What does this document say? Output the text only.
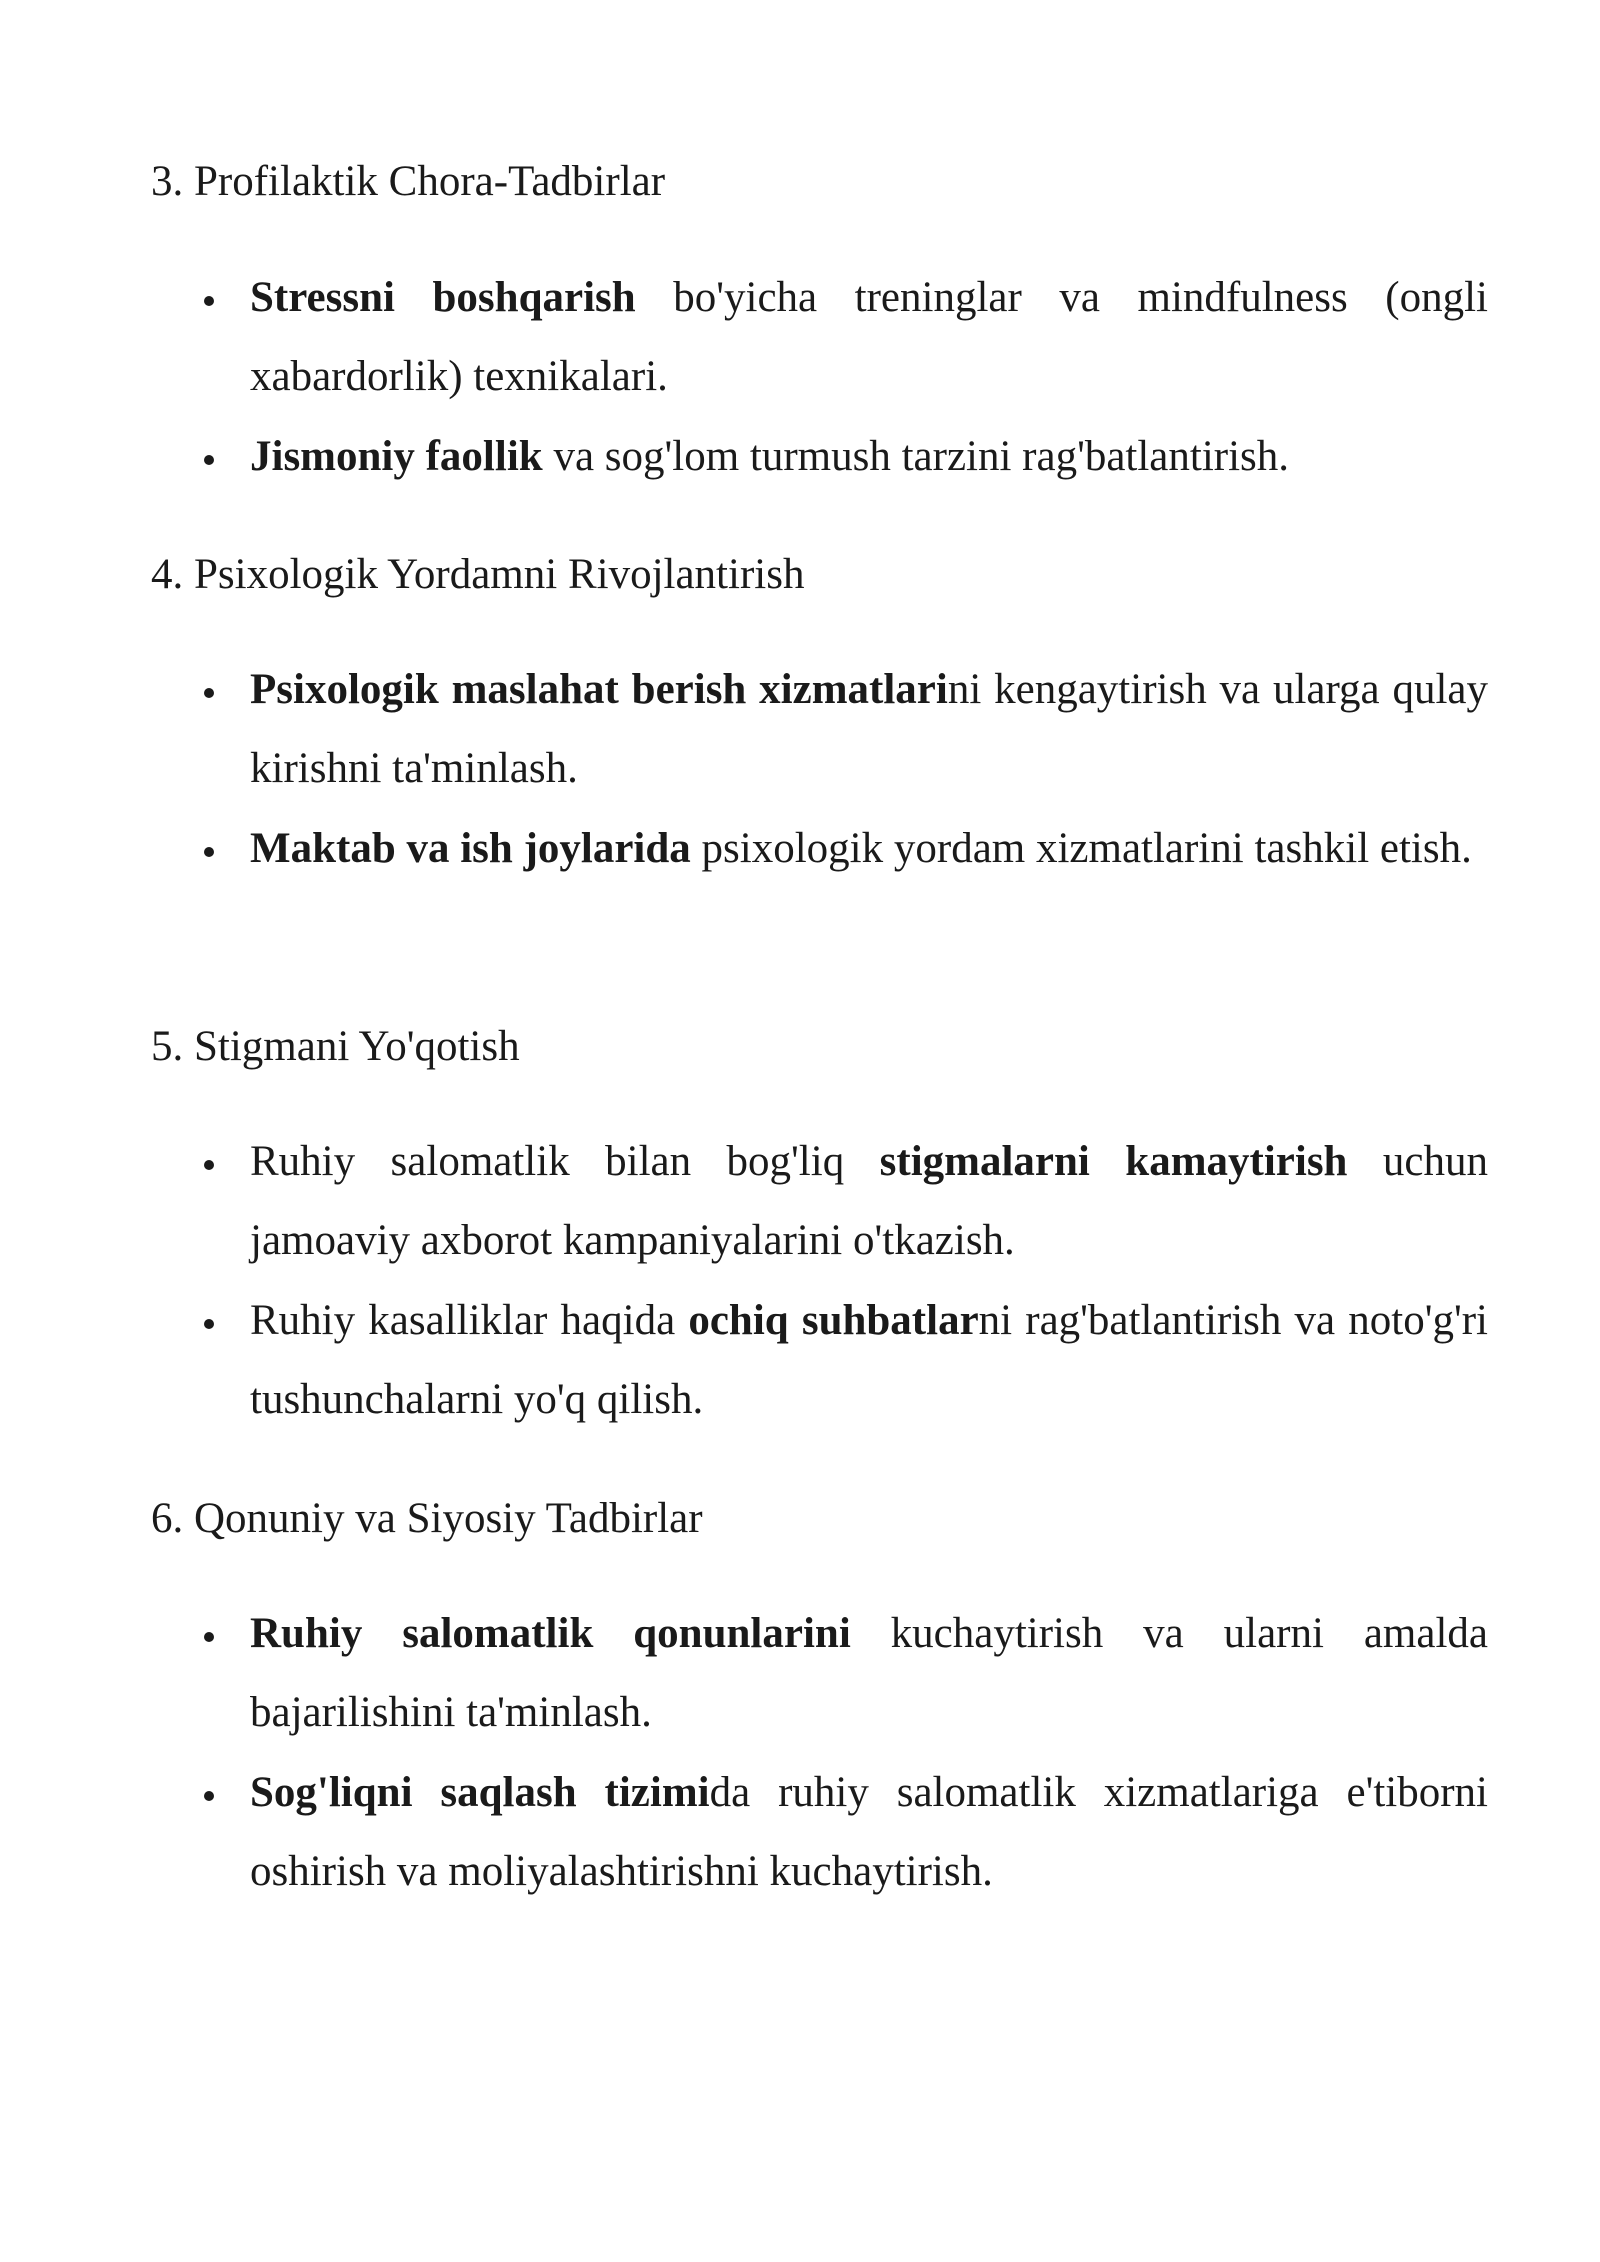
3. Profilaktik Chora-Tadbirlar

Stressni boshqarish bo'yicha treninglar va mindfulness (ongli xabardorlik) texnikalari.

Jismoniy faollik va sog'lom turmush tarzini rag'batlantirish.

4. Psixologik Yordamni Rivojlantirish

Psixologik maslahat berish xizmatlarini kengaytirish va ularga qulay kirishni ta'minlash.

Maktab va ish joylarida psixologik yordam xizmatlarini tashkil etish.

5. Stigmani Yo'qotish

Ruhiy salomatlik bilan bog'liq stigmalarni kamaytirish uchun jamoaviy axborot kampaniyalarini o'tkazish.

Ruhiy kasalliklar haqida ochiq suhbatlarni rag'batlantirish va noto'g'ri tushunchalarni yo'q qilish.

6. Qonuniy va Siyosiy Tadbirlar

Ruhiy salomatlik qonunlarini kuchaytirish va ularni amalda bajarilishini ta'minlash.

Sog'liqni saqlash tizimida ruhiy salomatlik xizmatlariga e'tiborni oshirish va moliyalashtirishni kuchaytirish.
